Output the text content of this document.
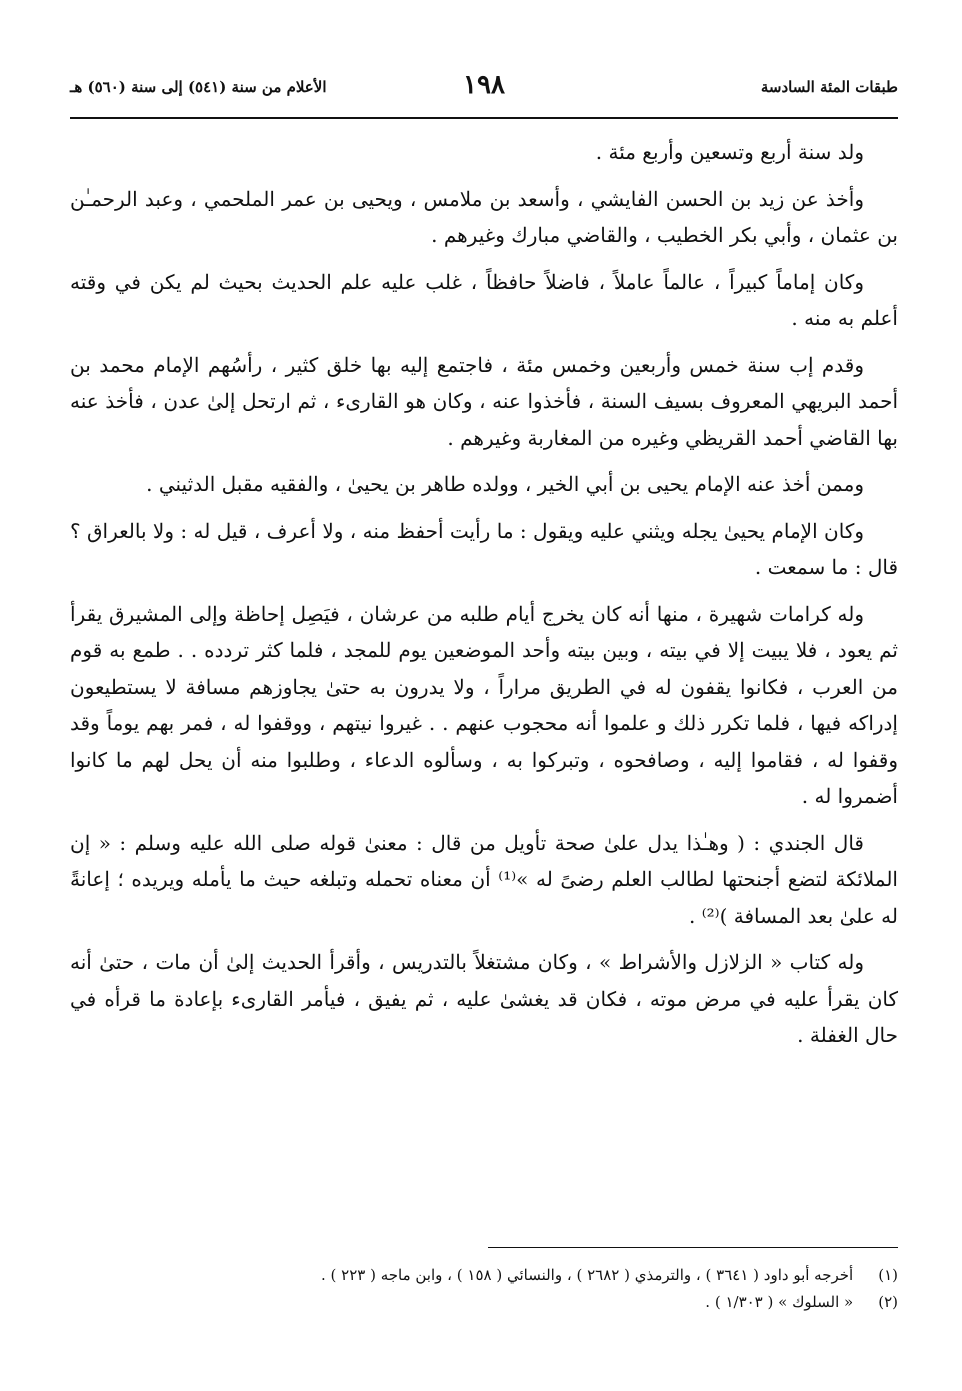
طبقات المئة السادسة
١٩٨
الأعلام من سنة (٥٤١) إلى سنة (٥٦٠) هـ

ولد سنة أربع وتسعين وأربع مئة .

وأخذ عن زيد بن الحسن الفايشي ، وأسعد بن ملامس ، ويحيى بن عمر الملحمي ، وعبد الرحمـٰن بن عثمان ، وأبي بكر الخطيب ، والقاضي مبارك وغيرهم .

وكان إماماً كبيراً ، عالماً عاملاً ، فاضلاً حافظاً ، غلب عليه علم الحديث بحيث لم يكن في وقته أعلم به منه .

وقدم إب سنة خمس وأربعين وخمس مئة ، فاجتمع إليه بها خلق كثير ، رأسُهم الإمام محمد بن أحمد البريهي المعروف بسيف السنة ، فأخذوا عنه ، وكان هو القارىء ، ثم ارتحل إلىٰ عدن ، فأخذ عنه بها القاضي أحمد القريظي وغيره من المغاربة وغيرهم .

وممن أخذ عنه الإمام يحيى بن أبي الخير ، وولده طاهر بن يحيىٰ ، والفقيه مقبل الدثيني .

وكان الإمام يحيىٰ يجله ويثني عليه ويقول : ما رأيت أحفظ منه ، ولا أعرف ، قيل له : ولا بالعراق ؟ قال : ما سمعت .

وله كرامات شهيرة ، منها أنه كان يخرج أيام طلبه من عرشان ، فيَصِل إحاظة وإلى المشيرق يقرأ ثم يعود ، فلا يبيت إلا في بيته ، وبين بيته وأحد الموضعين يوم للمجد ، فلما كثر تردده . . طمع به قوم من العرب ، فكانوا يقفون له في الطريق مراراً ، ولا يدرون به حتىٰ يجاوزهم مسافة لا يستطيعون إدراكه فيها ، فلما تكرر ذلك و علموا أنه محجوب عنهم . . غيروا نيتهم ، ووقفوا له ، فمر بهم يوماً وقد وقفوا له ، فقاموا إليه ، وصافحوه ، وتبركوا به ، وسألوه الدعاء ، وطلبوا منه أن يحل لهم ما كانوا أضمروا له .

قال الجندي : ( وهـٰذا يدل علىٰ صحة تأويل من قال : معنىٰ قوله صلى الله عليه وسلم : « إن الملائكة لتضع أجنحتها لطالب العلم رضىً له »⁽¹⁾ أن معناه تحمله وتبلغه حيث ما يأمله ويريده ؛ إعانةً له علىٰ بعد المسافة )⁽²⁾ .

وله كتاب « الزلازل والأشراط » ، وكان مشتغلاً بالتدريس ، وأقرأ الحديث إلىٰ أن مات ، حتىٰ أنه كان يقرأ عليه في مرض موته ، فكان قد يغشىٰ عليه ، ثم يفيق ، فيأمر القارىء بإعادة ما قرأه في حال الغفلة .

(١) أخرجه أبو داود ( ٣٦٤١ ) ، والترمذي ( ٢٦٨٢ ) ، والنسائي ( ١٥٨ ) ، وابن ماجه ( ٢٢٣ ) .
(٢) « السلوك » ( ١/٣٠٣ ) .
